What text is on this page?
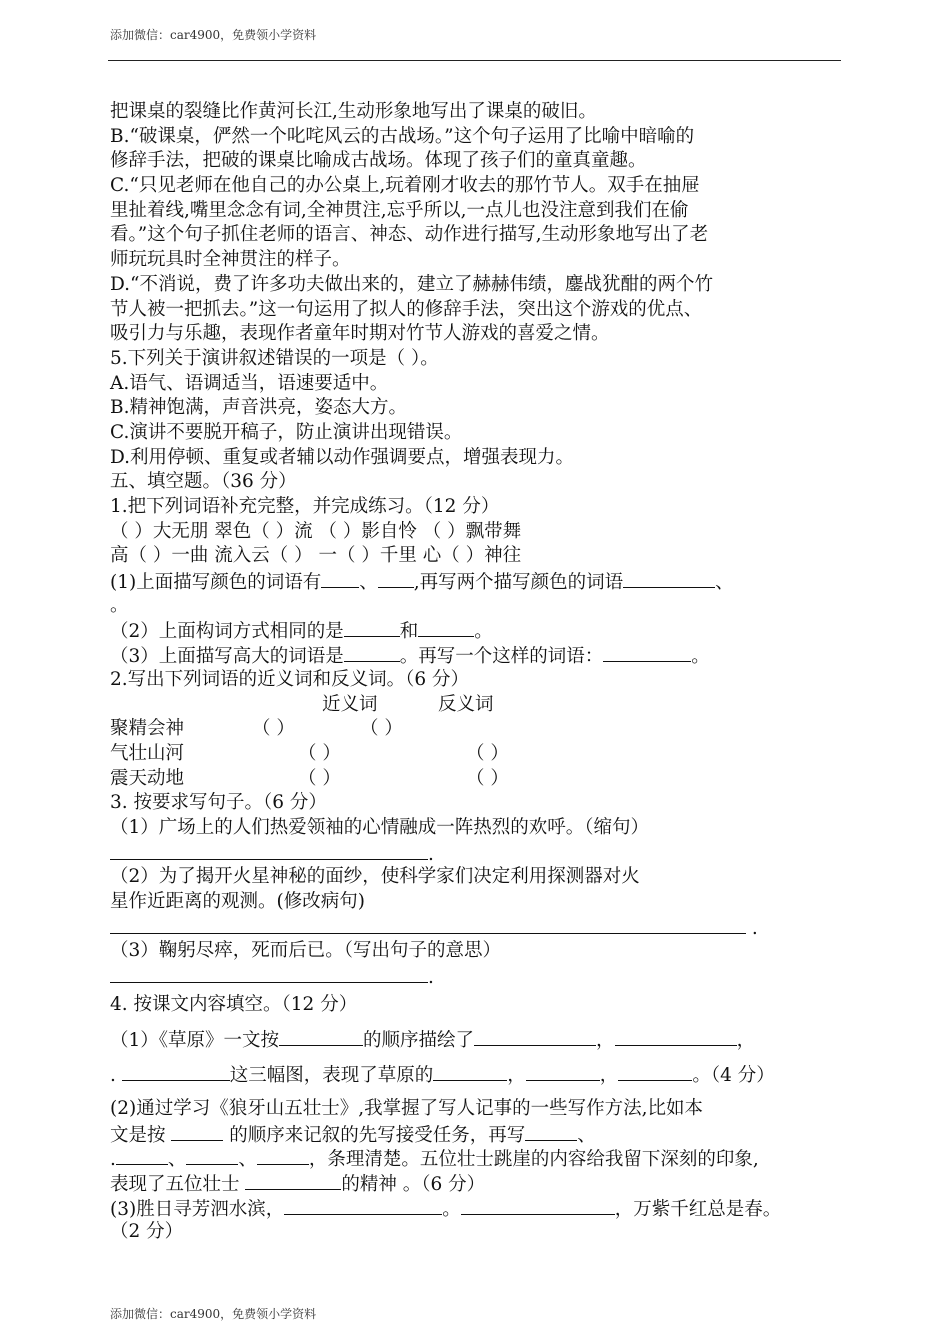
添加微信：car4900，免费领小学资料

把课桌的裂缝比作黄河长江,生动形象地写出了课桌的破旧。

B.“破课桌，俨然一个叱咤风云的古战场。”这个句子运用了比喻中暗喻的

修辞手法，把破的课桌比喻成古战场。体现了孩子们的童真童趣。

C.“只见老师在他自己的办公桌上,玩着刚才收去的那竹节人。双手在抽屉

里扯着线,嘴里念念有词,全神贯注,忘乎所以,一点儿也没注意到我们在偷

看。”这个句子抓住老师的语言、神态、动作进行描写,生动形象地写出了老

师玩玩具时全神贯注的样子。

D.“不消说，费了许多功夫做出来的，建立了赫赫伟绩，鏖战犹酣的两个竹

节人被一把抓去。”这一句运用了拟人的修辞手法，突出这个游戏的优点、

吸引力与乐趣，表现作者童年时期对竹节人游戏的喜爱之情。

5.下列关于演讲叙述错误的一项是（ ）。

A.语气、语调适当，语速要适中。

B.精神饱满，声音洪亮，姿态大方。

C.演讲不要脱开稿子，防止演讲出现错误。

D.利用停顿、重复或者辅以动作强调要点，增强表现力。

五、填空题。（36 分）

1.把下列词语补充完整，并完成练习。（12 分）

（ ）大无朋 翠色（ ）流 （ ）影自怜 （ ）飘带舞

高（ ）一曲 流入云（ ） 一（ ）千里 心（ ）神往

(1)上面描写颜色的词语有 、 ,再写两个描写颜色的词语	、

。

（2）上面构词方式相同的是	和	。

（3）上面描写高大的词语是	。再写一个这样的词语：	。

2.写出下列词语的近义词和反义词。（6 分）

近义词	反义词

聚精会神	（ ）	（ ）

气壮山河	（ ）	（ ）

震天动地	（ ）	（ ）

3. 按要求写句子。（6 分）

（1）广场上的人们热爱领袖的心情融成一阵热烈的欢呼。（缩句）

.

（2）为了揭开火星神秘的面纱，使科学家们决定利用探测器对火

星作近距离的观测。(修改病句)

.

（3）鞠躬尽瘁，死而后已。（写出句子的意思）

.

4. 按课文内容填空。（12 分）

（1）《草原》一文按	的顺序描绘了	，	，

.	这三幅图，表现了草原的	，	，	。（4 分）

(2)通过学习《狼牙山五壮士》,我掌握了写人记事的一些写作方法,比如本

文是按	的顺序来记叙的先写接受任务，再写	、

.	、	、	，条理清楚。五位壮士跳崖的内容给我留下深刻的印象,

表现了五位壮士	的精神 。（6 分）

(3)胜日寻芳泗水滨，	。	，万紫千红总是春。

（2 分）

添加微信：car4900，免费领小学资料
